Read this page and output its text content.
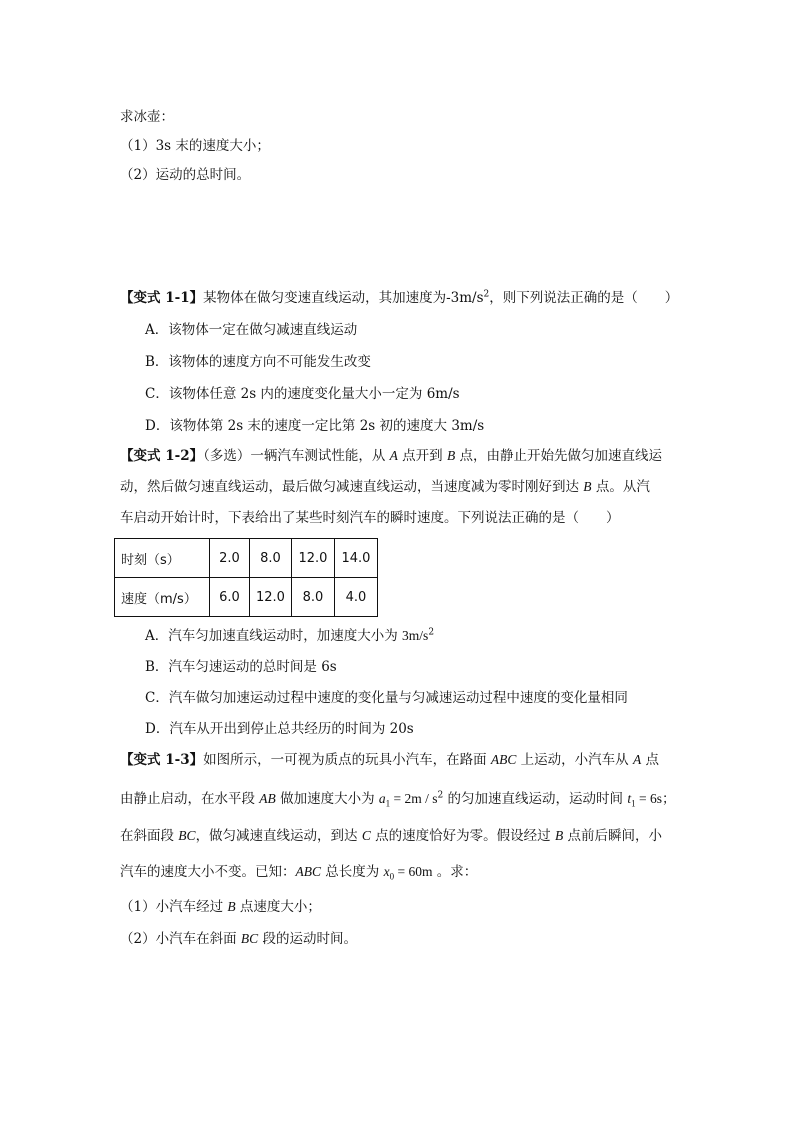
求冰壶：
（1）3s 末的速度大小；
（2）运动的总时间。
【变式 1-1】某物体在做匀变速直线运动，其加速度为$-3m/s^2$，则下列说法正确的是（　　）
A．该物体一定在做匀减速直线运动
B．该物体的速度方向不可能发生改变
C．该物体任意 2s 内的速度变化量大小一定为 6m/s
D．该物体第 2s 末的速度一定比第 2s 初的速度大 3m/s
【变式 1-2】（多选）一辆汽车测试性能，从 A 点开到 B 点，由静止开始先做匀加速直线运
动，然后做匀速直线运动，最后做匀减速直线运动，当速度减为零时刚好到达 B 点。从汽
车启动开始计时，下表给出了某些时刻汽车的瞬时速度。下列说法正确的是（　　）
时刻（s）	2.0	8.0	12.0	14.0
速度（m/s）	6.0	12.0	8.0	4.0
A．汽车匀加速直线运动时，加速度大小为 $3m/s^2$
B．汽车匀速运动的总时间是 6s
C．汽车做匀加速运动过程中速度的变化量与匀减速运动过程中速度的变化量相同
D．汽车从开出到停止总共经历的时间为 20s
【变式 1-3】如图所示，一可视为质点的玩具小汽车，在路面 ABC 上运动，小汽车从 A 点
由静止启动，在水平段 AB 做加速度大小为 $a_1 = 2m / s^2$ 的匀加速直线运动，运动时间 $t_1 = 6s$；
在斜面段 BC，做匀减速直线运动，到达 C 点的速度恰好为零。假设经过 B 点前后瞬间，小
汽车的速度大小不变。已知：ABC 总长度为 $x_0 = 60m$ 。求：
（1）小汽车经过 B 点速度大小；
（2）小汽车在斜面 BC 段的运动时间。
